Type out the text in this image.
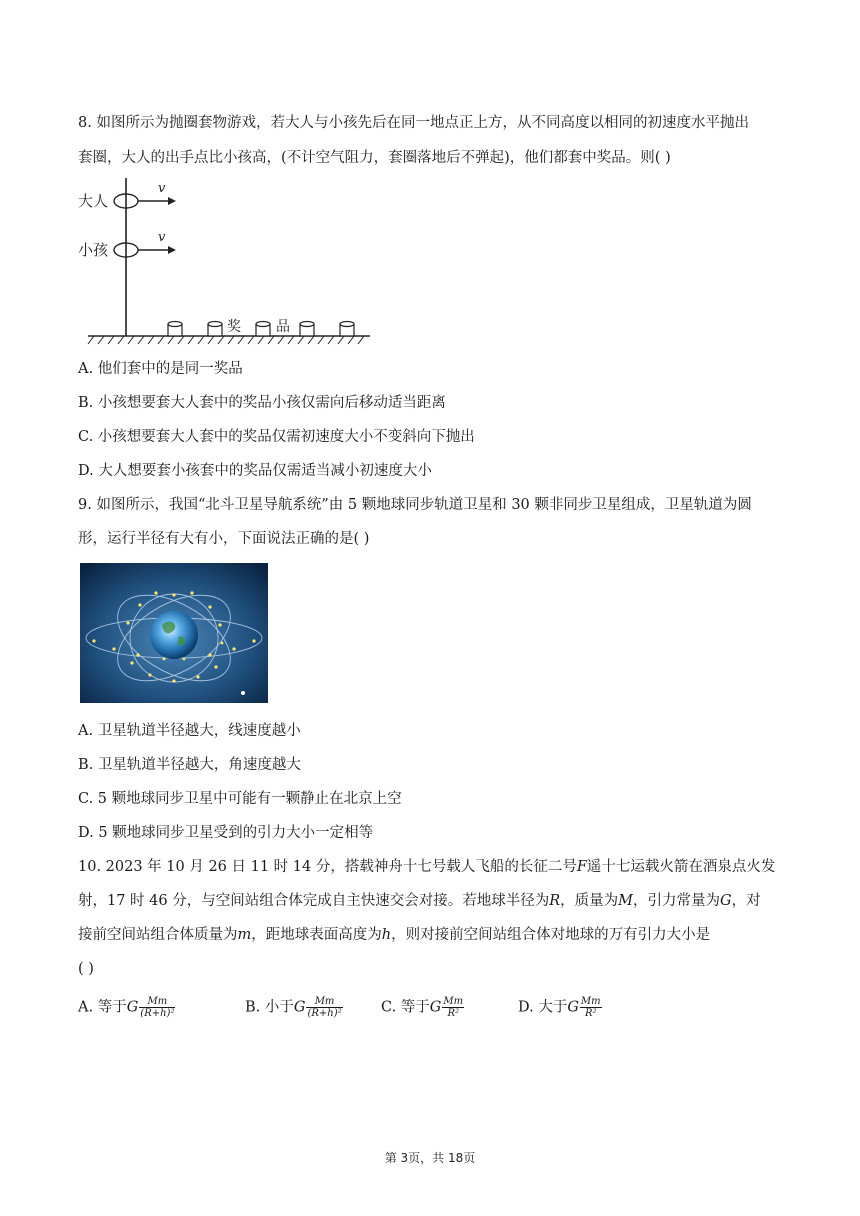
8. 如图所示为抛圈套物游戏，若大人与小孩先后在同一地点正上方，从不同高度以相同的初速度水平抛出
套圈，大人的出手点比小孩高，(不计空气阻力，套圈落地后不弹起)，他们都套中奖品。则( )
大人
v
小孩
v
奖	品
A. 他们套中的是同一奖品
B. 小孩想要套大人套中的奖品小孩仅需向后移动适当距离
C. 小孩想要套大人套中的奖品仅需初速度大小不变斜向下抛出
D. 大人想要套小孩套中的奖品仅需适当减小初速度大小
9. 如图所示，我国“北斗卫星导航系统”由 5 颗地球同步轨道卫星和 30 颗非同步卫星组成，卫星轨道为圆
形，运行半径有大有小，下面说法正确的是( )
A. 卫星轨道半径越大，线速度越小
B. 卫星轨道半径越大，角速度越大
C. 5 颗地球同步卫星中可能有一颗静止在北京上空
D. 5 颗地球同步卫星受到的引力大小一定相等
10. 2023 年 10 月 26 日 11 时 14 分，搭载神舟十七号载人飞船的长征二号F遥十七运载火箭在酒泉点火发
射，17 时 46 分，与空间站组合体完成自主快速交会对接。若地球半径为R，质量为M，引力常量为G，对
接前空间站组合体质量为m，距地球表面高度为h，则对接前空间站组合体对地球的万有引力大小是
( )
A. 等于G $\frac{Mm}{\text{(R+h)²}}$	B. 小于G $\frac{Mm}{\text{(R+h)²}}$	C. 等于G $\frac{Mm}{\text{R²}}$	D. 大于G $\frac{Mm}{\text{R²}}$
第 3页，共 18页
